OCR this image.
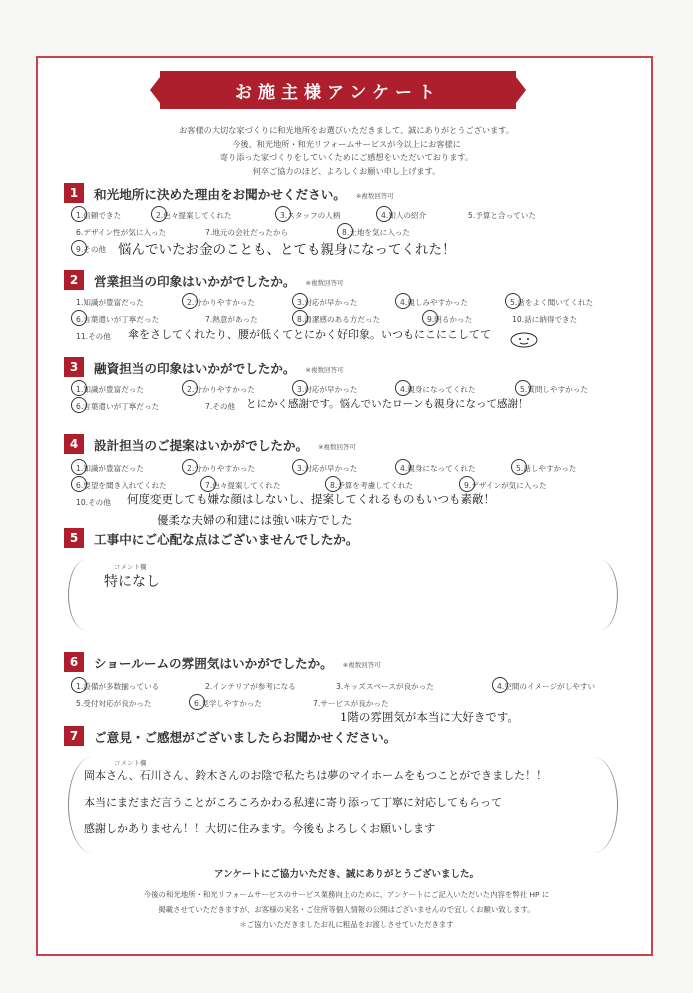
お施主様アンケート
お客様の大切な家づくりに和光地所をお選びいただきまして、誠にありがとうございます。
今後、和光地所・和光リフォームサービスが今以上にお客様に
寄り添った家づくりをしていくためにご感想をいただいております。
何卒ご協力のほど、よろしくお願い申し上げます。
1	和光地所に決めた理由をお聞かせください。 ※複数回答可
1.信頼できた	2.色々提案してくれた	3.スタッフの人柄	4.知人の紹介	5.予算と合っていた
6.デザイン性が気に入った	7.地元の会社だったから	8.土地を気に入った
9.その他 悩んでいたお金のことも、とても親身になってくれた！
2	営業担当の印象はいかがでしたか。 ※複数回答可
1.知識が豊富だった	2.分かりやすかった	3.対応が早かった	4.親しみやすかった	5.話をよく聞いてくれた
6.言葉遣いが丁寧だった	7.熱意があった	8.清潔感のある方だった	9.明るかった	10.話に納得できた
11.その他 傘をさしてくれたり、腰が低くてとにかく好印象。いつもにこにこしてて
3	融資担当の印象はいかがでしたか。 ※複数回答可
1.知識が豊富だった	2.分かりやすかった	3.対応が早かった	4.親身になってくれた	5.質問しやすかった
6.言葉遣いが丁寧だった	7.その他 とにかく感謝です。悩んでいたローンも親身になって感謝！
4	設計担当のご提案はいかがでしたか。 ※複数回答可
1.知識が豊富だった	2.分かりやすかった	3.対応が早かった	4.親身になってくれた	5.話しやすかった
6.要望を聞き入れてくれた	7.色々提案してくれた	8.予算を考慮してくれた	9.デザインが気に入った
10.その他 何度変更しても嫌な顔はしないし、提案してくれるものもいつも素敵！
優柔な夫婦の和建には強い味方でした
5	工事中にご心配な点はございませんでしたか。
コメント欄
特になし
6	ショールームの雰囲気はいかがでしたか。 ※複数回答可
1.設備が多数揃っている	2.インテリアが参考になる	3.キッズスペースが良かった	4.空間のイメージがしやすい
5.受付対応が良かった	6.見学しやすかった	7.サービスが良かった
1階の雰囲気が本当に大好きです。
7	ご意見・ご感想がございましたらお聞かせください。
コメント欄
岡本さん、石川さん、鈴木さんのお陰で私たちは夢のマイホームをもつことができました！！
本当にまだまだ言うことがころころかわる私達に寄り添って丁寧に対応してもらって
感謝しかありません！！大切に住みます。今後もよろしくお願いします
アンケートにご協力いただき、誠にありがとうございました。
今後の和光地所・和光リフォームサービスのサービス業務向上のために、アンケートにご記入いただいた内容を弊社 HP に
掲載させていただきますが、お客様の実名・ご住所等個人情報の公開はございませんので宜しくお願い致します。
＊ご協力いただきましたお礼に粗品をお渡しさせていただきます
